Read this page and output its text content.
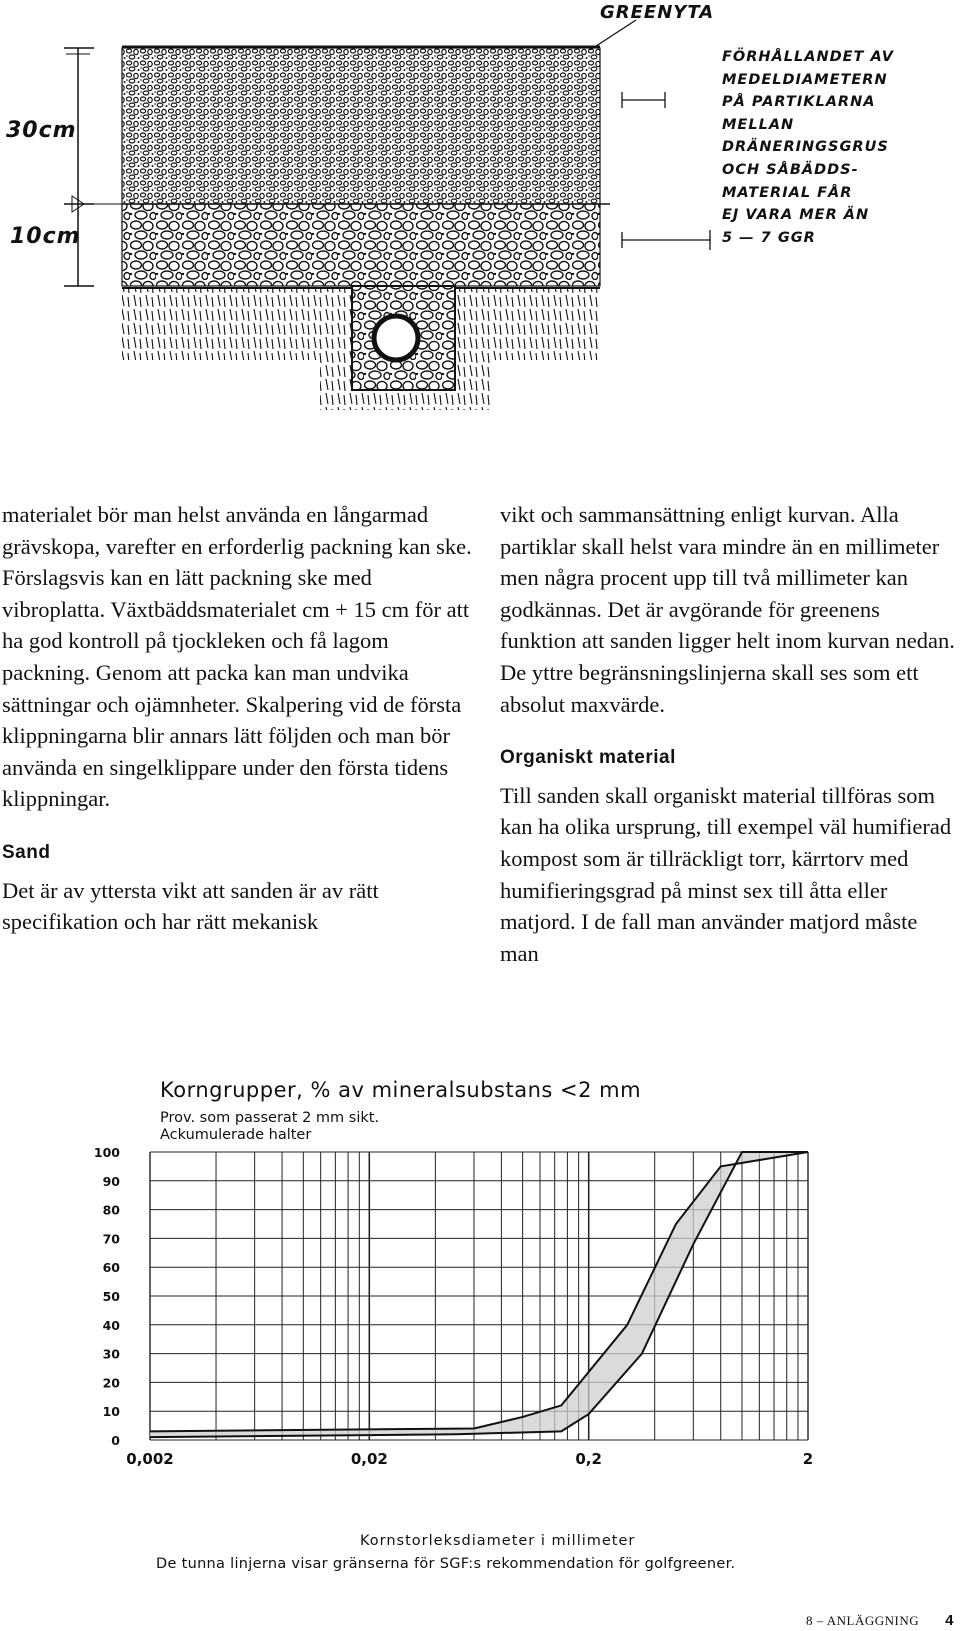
GREENYTA
30cm
10cm
FÖRHÅLLANDET AV
MEDELDIAMETERN
PÅ PARTIKLARNA
MELLAN
DRÄNERINGSGRUS
OCH SÅBÄDDS-
MATERIAL FÅR
EJ VARA MER ÄN
5 — 7 GGR

materialet bör man helst använda en långarmad grävskopa, varefter en erforderlig packning kan ske. Förslagsvis kan en lätt packning ske med vibroplatta. Växtbäddsmaterialet cm + 15 cm för att ha god kontroll på tjockleken och få lagom packning. Genom att packa kan man undvika sättningar och ojämnheter. Skalpering vid de första klippningarna blir annars lätt följden och man bör använda en singelklippare under den första tidens klippningar.

Sand

Det är av yttersta vikt att sanden är av rätt specifikation och har rätt mekanisk

vikt och sammansättning enligt kurvan. Alla partiklar skall helst vara mindre än en millimeter men några procent upp till två millimeter kan godkännas. Det är avgörande för greenens funktion att sanden ligger helt inom kurvan nedan. De yttre begränsningslinjerna skall ses som ett absolut maxvärde.

Organiskt material

Till sanden skall organiskt material tillföras som kan ha olika ursprung, till exempel väl humifierad kompost som är tillräckligt torr, kärrtorv med humifieringsgrad på minst sex till åtta eller matjord. I de fall man använder matjord måste man

Korngrupper, % av mineralsubstans <2 mm
Prov. som passerat 2 mm sikt.
Ackumulerade halter
0
10
20
30
40
50
60
70
80
90
100
0,002	0,02	0,2	2
Kornstorleksdiameter i millimeter
De tunna linjerna visar gränserna för SGF:s rekommendation för golfgreener.
8 – ANLÄGGNING 4
